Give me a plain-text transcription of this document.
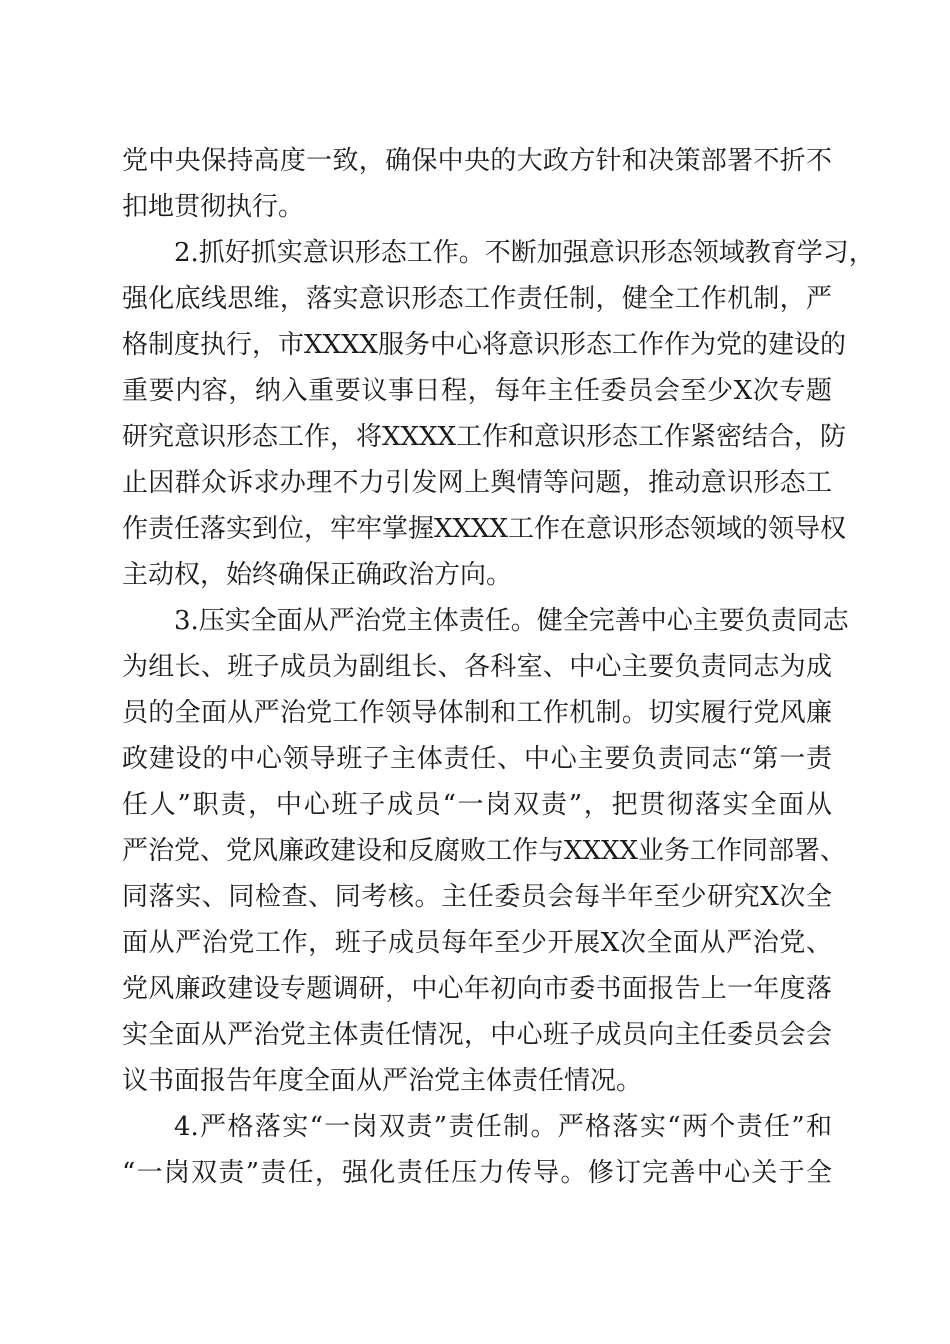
党中央保持高度一致，确保中央的大政方针和决策部署不折不
扣地贯彻执行。
2.抓好抓实意识形态工作。不断加强意识形态领域教育学习，
强化底线思维，落实意识形态工作责任制，健全工作机制，严
格制度执行，市XXXX服务中心将意识形态工作作为党的建设的
重要内容，纳入重要议事日程，每年主任委员会至少X次专题
研究意识形态工作，将XXXX工作和意识形态工作紧密结合，防
止因群众诉求办理不力引发网上舆情等问题，推动意识形态工
作责任落实到位，牢牢掌握XXXX工作在意识形态领域的领导权
主动权，始终确保正确政治方向。
3.压实全面从严治党主体责任。健全完善中心主要负责同志
为组长、班子成员为副组长、各科室、中心主要负责同志为成
员的全面从严治党工作领导体制和工作机制。切实履行党风廉
政建设的中心领导班子主体责任、中心主要负责同志“第一责
任人”职责，中心班子成员“一岗双责”，把贯彻落实全面从
严治党、党风廉政建设和反腐败工作与XXXX业务工作同部署、
同落实、同检查、同考核。主任委员会每半年至少研究X次全
面从严治党工作，班子成员每年至少开展X次全面从严治党、
党风廉政建设专题调研，中心年初向市委书面报告上一年度落
实全面从严治党主体责任情况，中心班子成员向主任委员会会
议书面报告年度全面从严治党主体责任情况。
4.严格落实“一岗双责”责任制。严格落实“两个责任”和
“一岗双责”责任，强化责任压力传导。修订完善中心关于全
